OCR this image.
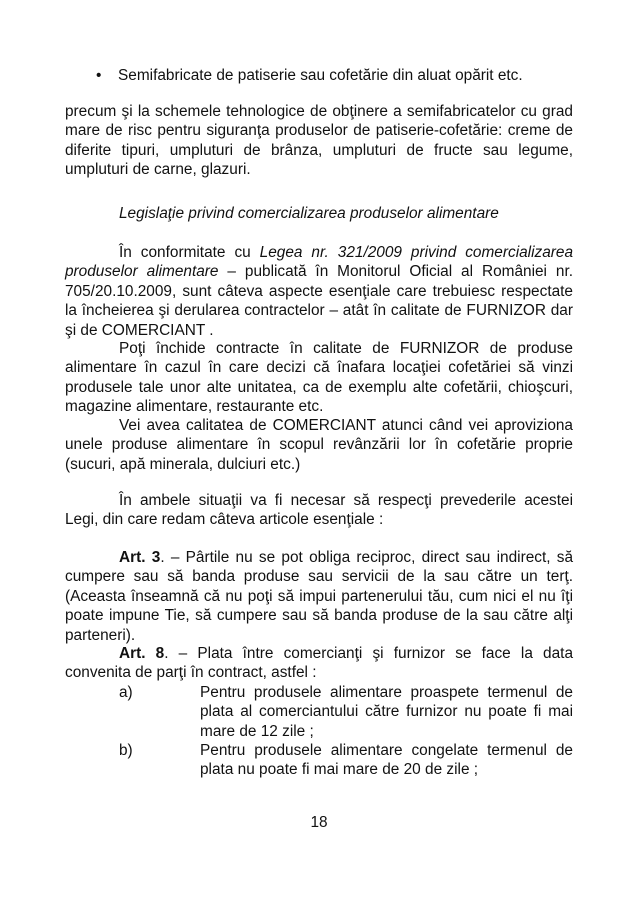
• Semifabricate de patiserie sau cofetărie din aluat opărit etc.

precum şi la schemele tehnologice de obţinere a semifabricatelor cu grad mare de risc pentru siguranţa produselor de patiserie-cofetărie: creme de diferite tipuri, umpluturi de brânza, umpluturi de fructe sau legume, umpluturi de carne, glazuri.

Legislaţie privind comercializarea produselor alimentare

În conformitate cu Legea nr. 321/2009 privind comercializarea produselor alimentare – publicată în Monitorul Oficial al României nr. 705/20.10.2009, sunt câteva aspecte esenţiale care trebuiesc respectate la încheierea şi derularea contractelor – atât în calitate de FURNIZOR dar şi de COMERCIANT .

Poţi închide contracte în calitate de FURNIZOR de produse alimentare în cazul în care decizi că înafara locaţiei cofetăriei să vinzi produsele tale unor alte unitatea, ca de exemplu alte cofetării, chioşcuri, magazine alimentare, restaurante etc.

Vei avea calitatea de COMERCIANT atunci când vei aproviziona unele produse alimentare în scopul revânzării lor în cofetărie proprie (sucuri, apă minerala, dulciuri etc.)

În ambele situaţii va fi necesar să respecţi prevederile acestei Legi, din care redam câteva articole esenţiale :

Art. 3. – Pârtile nu se pot obliga reciproc, direct sau indirect, să cumpere sau să banda produse sau servicii de la sau către un terţ. (Aceasta înseamnă că nu poţi să impui partenerului tău, cum nici el nu îţi poate impune Tie, să cumpere sau să banda produse de la sau către alţi parteneri).

Art. 8. – Plata între comercianţi şi furnizor se face la data convenita de parţi în contract, astfel :

a)	Pentru produsele alimentare proaspete termenul de plata al comerciantului către furnizor nu poate fi mai mare de 12 zile ;

b)	Pentru produsele alimentare congelate termenul de plata nu poate fi mai mare de 20 de zile ;

18
